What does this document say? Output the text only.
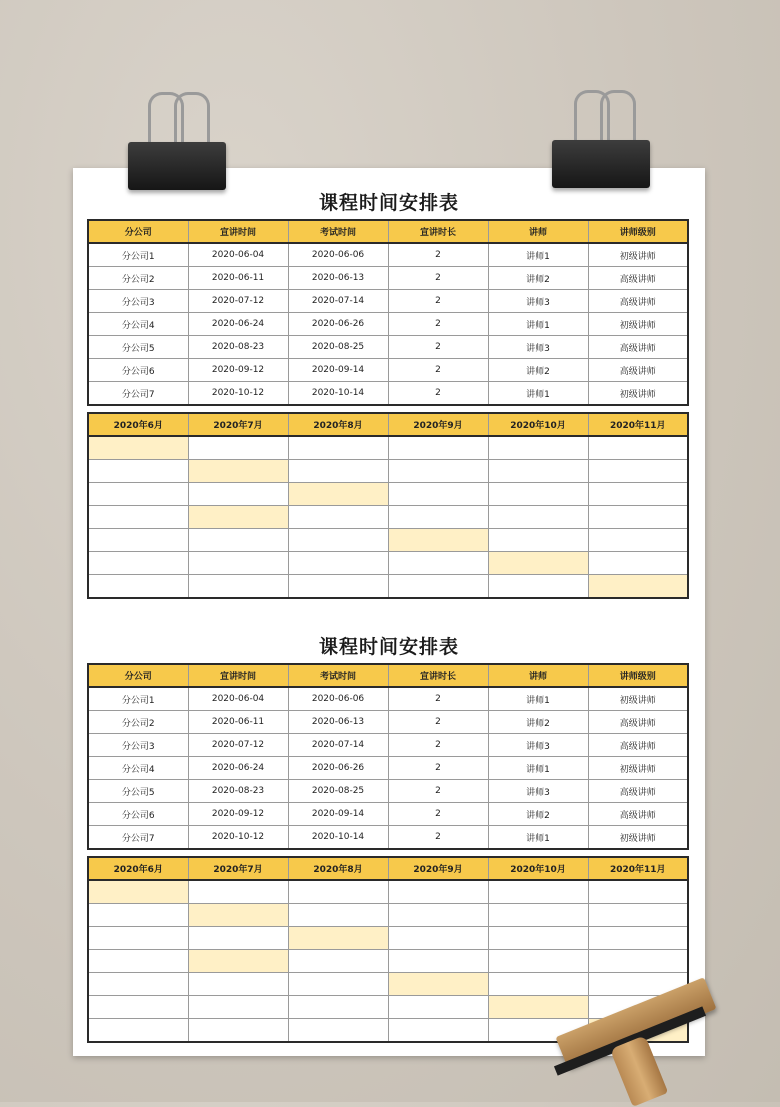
课程时间安排表
分公司	宣讲时间	考试时间	宣讲时长	讲师	讲师级别
分公司1	2020-06-04	2020-06-06	2	讲师1	初级讲师
分公司2	2020-06-11	2020-06-13	2	讲师2	高级讲师
分公司3	2020-07-12	2020-07-14	2	讲师3	高级讲师
分公司4	2020-06-24	2020-06-26	2	讲师1	初级讲师
分公司5	2020-08-23	2020-08-25	2	讲师3	高级讲师
分公司6	2020-09-12	2020-09-14	2	讲师2	高级讲师
分公司7	2020-10-12	2020-10-14	2	讲师1	初级讲师
2020年6月	2020年7月	2020年8月	2020年9月	2020年10月	2020年11月

课程时间安排表
分公司	宣讲时间	考试时间	宣讲时长	讲师	讲师级别
分公司1	2020-06-04	2020-06-06	2	讲师1	初级讲师
分公司2	2020-06-11	2020-06-13	2	讲师2	高级讲师
分公司3	2020-07-12	2020-07-14	2	讲师3	高级讲师
分公司4	2020-06-24	2020-06-26	2	讲师1	初级讲师
分公司5	2020-08-23	2020-08-25	2	讲师3	高级讲师
分公司6	2020-09-12	2020-09-14	2	讲师2	高级讲师
分公司7	2020-10-12	2020-10-14	2	讲师1	初级讲师
2020年6月	2020年7月	2020年8月	2020年9月	2020年10月	2020年11月
